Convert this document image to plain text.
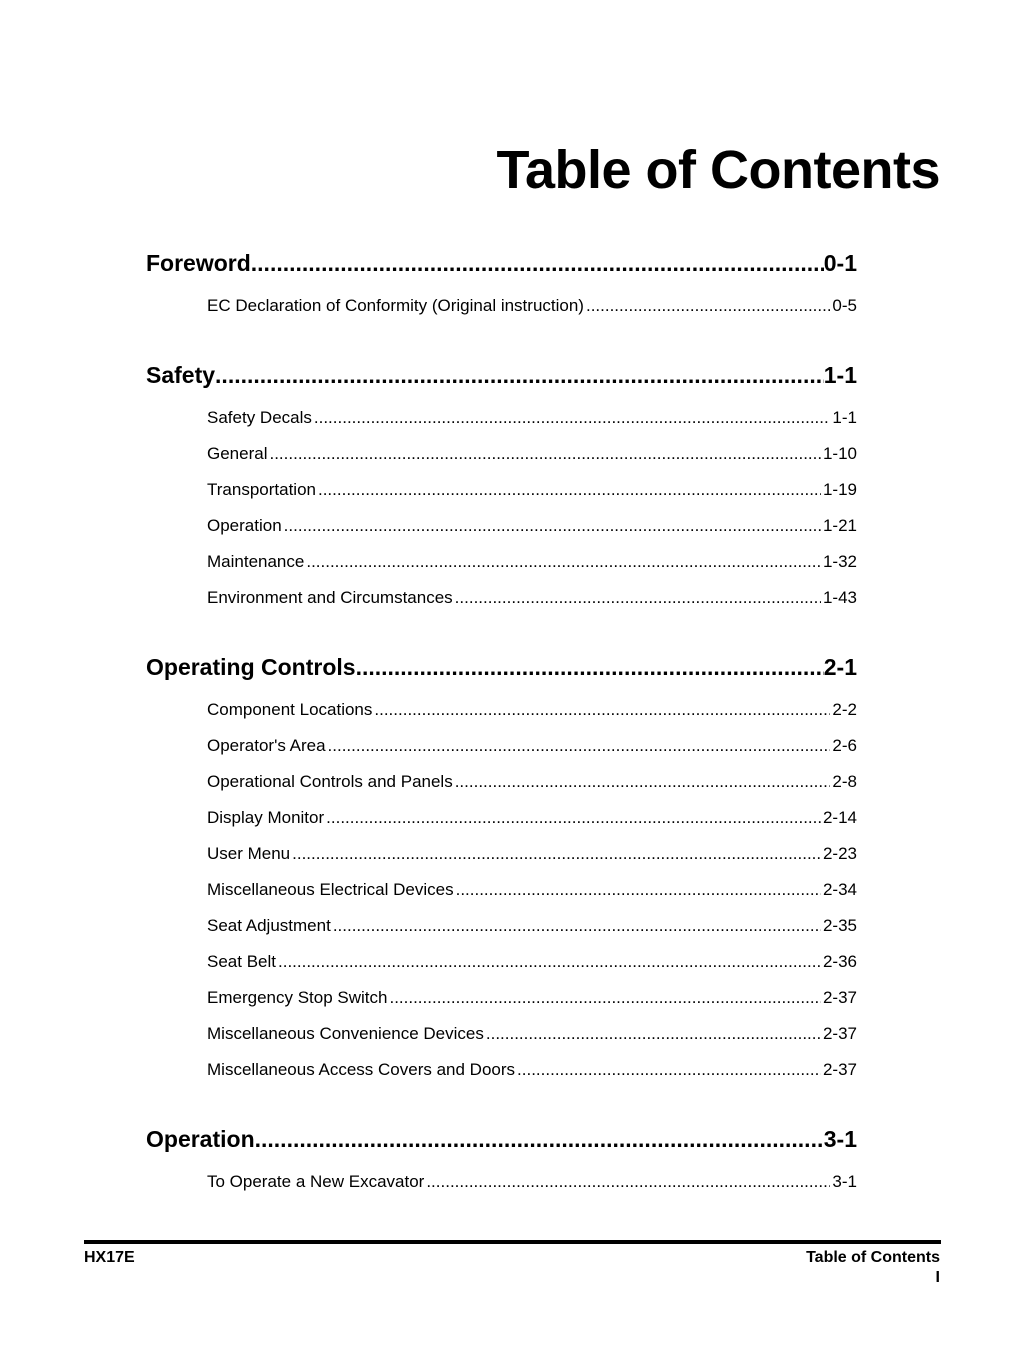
Table of Contents
Foreword .....	0-1
EC Declaration of Conformity (Original instruction) .....	0-5
Safety .....	1-1
Safety Decals .....	1-1
General .....	1-10
Transportation .....	1-19
Operation .....	1-21
Maintenance .....	1-32
Environment and Circumstances .....	1-43
Operating Controls .....	2-1
Component Locations .....	2-2
Operator's Area .....	2-6
Operational Controls and Panels .....	2-8
Display Monitor .....	2-14
User Menu .....	2-23
Miscellaneous Electrical Devices .....	2-34
Seat Adjustment .....	2-35
Seat Belt .....	2-36
Emergency Stop Switch .....	2-37
Miscellaneous Convenience Devices .....	2-37
Miscellaneous Access Covers and Doors .....	2-37
Operation .....	3-1
To Operate a New Excavator .....	3-1
HX17E	Table of Contents
I
